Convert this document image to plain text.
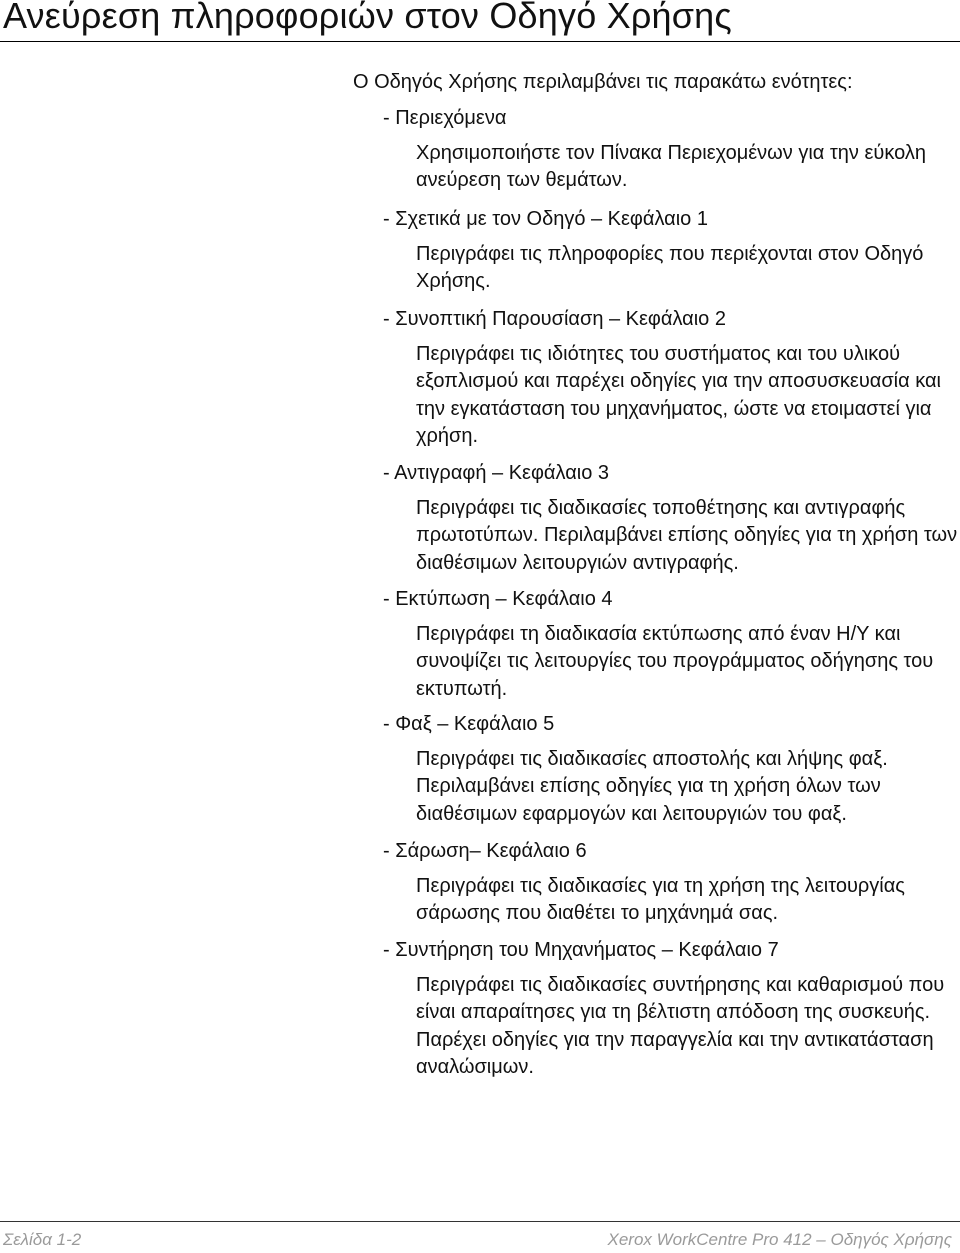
Ανεύρεση πληροφοριών στον Οδηγό Χρήσης
Ο Οδηγός Χρήσης περιλαμβάνει τις παρακάτω ενότητες:

- Περιεχόμενα

Χρησιμοποιήστε τον Πίνακα Περιεχομένων για την εύκολη ανεύρεση των θεμάτων.

- Σχετικά με τον Οδηγό – Κεφάλαιο 1

Περιγράφει τις πληροφορίες που περιέχονται στον Οδηγό Χρήσης.

- Συνοπτική Παρουσίαση – Κεφάλαιο 2

Περιγράφει τις ιδιότητες του συστήματος και του υλικού εξοπλισμού και παρέχει οδηγίες για την αποσυσκευασία και την εγκατάσταση του μηχανήματος, ώστε να ετοιμαστεί για χρήση.

- Αντιγραφή – Κεφάλαιο 3

Περιγράφει τις διαδικασίες τοποθέτησης και αντιγραφής πρωτοτύπων. Περιλαμβάνει επίσης οδηγίες για τη χρήση των διαθέσιμων λειτουργιών αντιγραφής.

- Εκτύπωση – Κεφάλαιο 4

Περιγράφει τη διαδικασία εκτύπωσης από έναν Η/Υ και συνοψίζει τις λειτουργίες του προγράμματος οδήγησης του εκτυπωτή.

- Φαξ – Κεφάλαιο 5

Περιγράφει τις διαδικασίες αποστολής και λήψης φαξ. Περιλαμβάνει επίσης οδηγίες για τη χρήση όλων των διαθέσιμων εφαρμογών και λειτουργιών του φαξ.

- Σάρωση– Κεφάλαιο 6

Περιγράφει τις διαδικασίες για τη χρήση της λειτουργίας σάρωσης που διαθέτει το μηχάνημά σας.

- Συντήρηση του Μηχανήματος – Κεφάλαιο 7

Περιγράφει τις διαδικασίες συντήρησης και καθαρισμού που είναι απαραίτησες για τη βέλτιστη απόδοση της συσκευής. Παρέχει οδηγίες για την παραγγελία και την αντικατάσταση αναλώσιμων.

Σελίδα 1-2	Xerox WorkCentre Pro 412 – Οδηγός Χρήσης
